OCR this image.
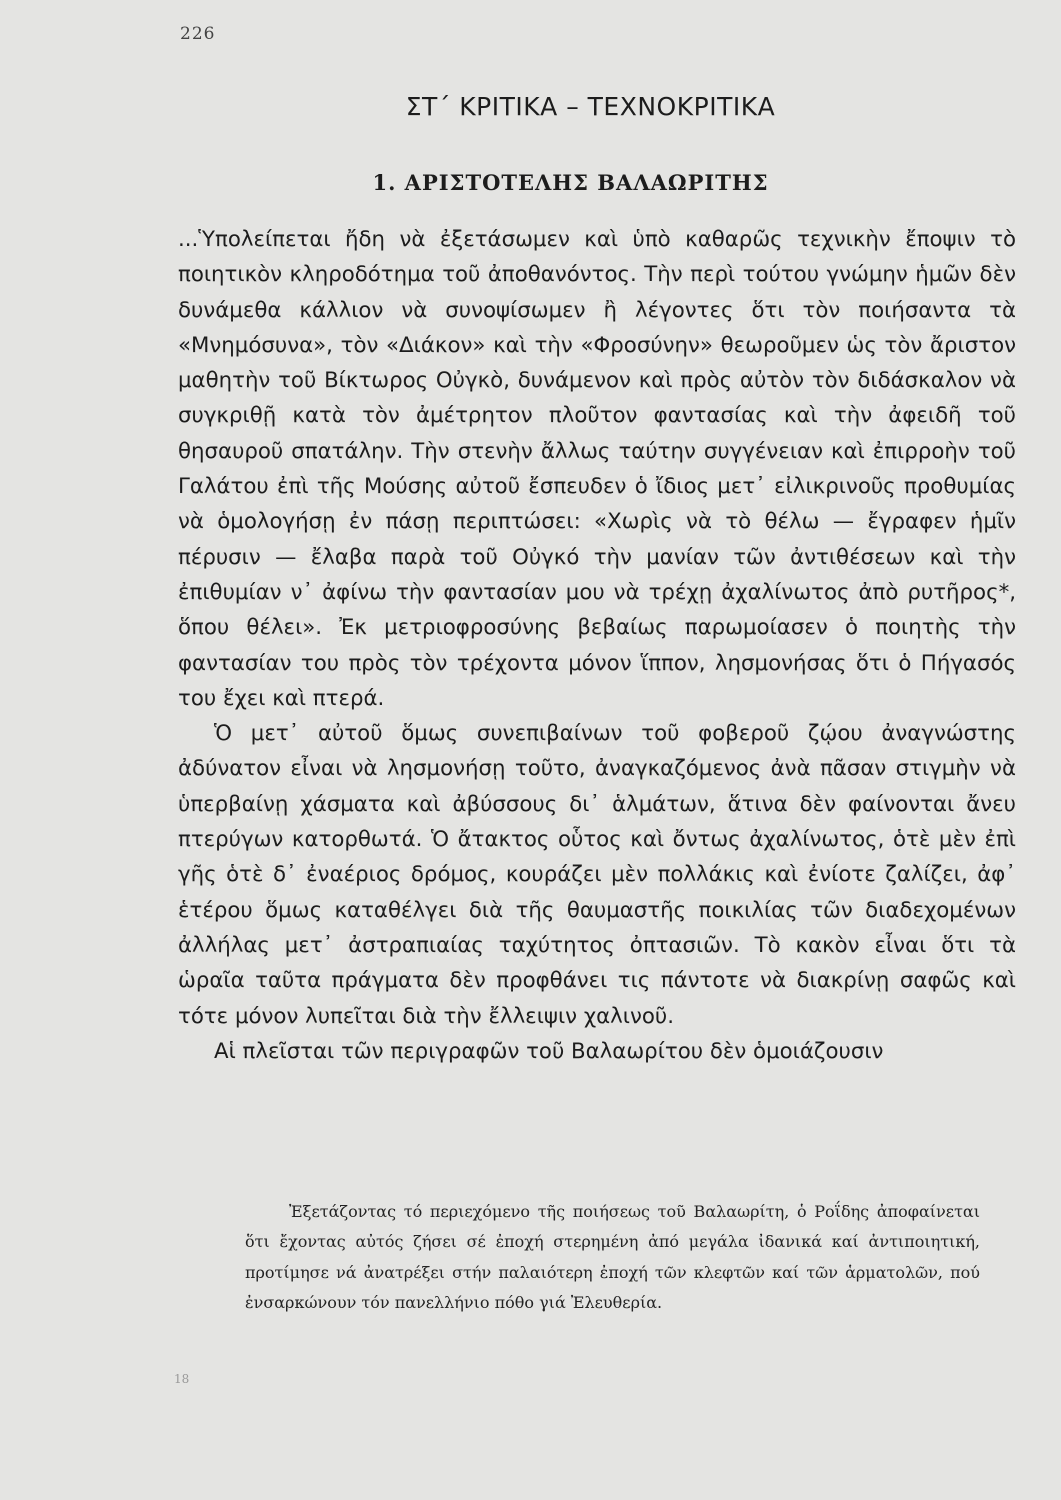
226
ΣΤ΄ ΚΡΙΤΙΚΑ – ΤΕΧΝΟΚΡΙΤΙΚΑ
1. ΑΡΙΣΤΟΤΕΛΗΣ ΒΑΛΑΩΡΙΤΗΣ

...Ὑπολείπεται ἤδη νὰ ἐξετάσωμεν καὶ ὑπὸ καθαρῶς τεχνικὴν ἔποψιν τὸ ποιητικὸν κληροδότημα τοῦ ἀποθανόντος. Τὴν περὶ τούτου γνώμην ἡμῶν δὲν δυνάμεθα κάλλιον νὰ συνοψίσωμεν ἢ λέγοντες ὅτι τὸν ποιήσαντα τὰ «Μνημόσυνα», τὸν «Διάκον» καὶ τὴν «Φροσύνην» θεωροῦμεν ὡς τὸν ἄριστον μαθητὴν τοῦ Βίκτωρος Οὐγκὸ, δυνάμενον καὶ πρὸς αὐτὸν τὸν διδάσκαλον νὰ συγκριθῇ κατὰ τὸν ἀμέτρητον πλοῦτον φαντασίας καὶ τὴν ἀφειδῆ τοῦ θησαυροῦ σπατάλην. Τὴν στενὴν ἄλλως ταύτην συγγένειαν καὶ ἐπιρροὴν τοῦ Γαλάτου ἐπὶ τῆς Μούσης αὐτοῦ ἔσπευδεν ὁ ἴδιος μετ᾽ εἰλικρινοῦς προθυμίας νὰ ὁμολογήσῃ ἐν πάσῃ περιπτώσει: «Χωρὶς νὰ τὸ θέλω — ἔγραφεν ἡμῖν πέρυσιν — ἔλαβα παρὰ τοῦ Οὐγκό τὴν μανίαν τῶν ἀντιθέσεων καὶ τὴν ἐπιθυμίαν ν᾽ ἀφίνω τὴν φαντασίαν μου νὰ τρέχῃ ἀχαλίνωτος ἀπὸ ρυτῆρος*, ὅπου θέλει». Ἐκ μετριοφροσύνης βεβαίως παρωμοίασεν ὁ ποιητὴς τὴν φαντασίαν του πρὸς τὸν τρέχοντα μόνον ἵππον, λησμονήσας ὅτι ὁ Πήγασός του ἔχει καὶ πτερά.

Ὁ μετ᾽ αὐτοῦ ὅμως συνεπιβαίνων τοῦ φοβεροῦ ζῴου ἀναγνώστης ἀδύνατον εἶναι νὰ λησμονήσῃ τοῦτο, ἀναγκαζόμενος ἀνὰ πᾶσαν στιγμὴν νὰ ὑπερβαίνῃ χάσματα καὶ ἀβύσσους δι᾽ ἁλμάτων, ἅτινα δὲν φαίνονται ἄνευ πτερύγων κατορθωτά. Ὁ ἄτακτος οὗτος καὶ ὄντως ἀχαλίνωτος, ὁτὲ μὲν ἐπὶ γῆς ὁτὲ δ᾽ ἐναέριος δρόμος, κουράζει μὲν πολλάκις καὶ ἐνίοτε ζαλίζει, ἀφ᾽ ἑτέρου ὅμως καταθέλγει διὰ τῆς θαυμαστῆς ποικιλίας τῶν διαδεχομένων ἀλλήλας μετ᾽ ἀστραπιαίας ταχύτητος ὀπτασιῶν. Τὸ κακὸν εἶναι ὅτι τὰ ὡραῖα ταῦτα πράγματα δὲν προφθάνει τις πάντοτε νὰ διακρίνῃ σαφῶς καὶ τότε μόνον λυπεῖται διὰ τὴν ἔλλειψιν χαλινοῦ.

Αἱ πλεῖσται τῶν περιγραφῶν τοῦ Βαλαωρίτου δὲν ὁμοιάζουσιν

Ἐξετάζοντας τό περιεχόμενο τῆς ποιήσεως τοῦ Βαλαωρίτη, ὁ Ροΐδης ἀποφαίνεται ὅτι ἔχοντας αὐτός ζήσει σέ ἐποχή στερημένη ἀπό μεγάλα ἰδανικά καί ἀντιποιητική, προτίμησε νά ἀνατρέξει στήν παλαιότερη ἐποχή τῶν κλεφτῶν καί τῶν ἁρματολῶν, πού ἐνσαρκώνουν τόν πανελλήνιο πόθο γιά Ἐλευθερία.

18
